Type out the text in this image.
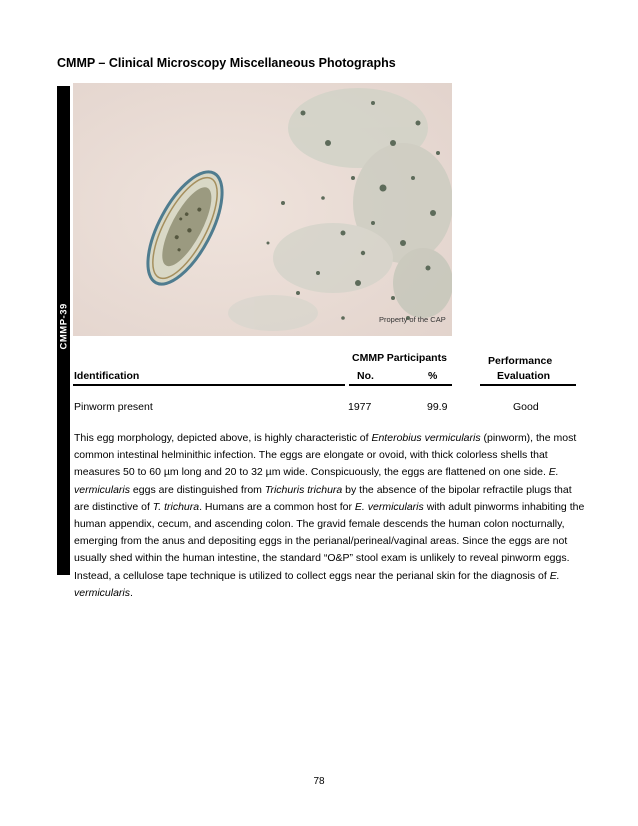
CMMP – Clinical Microscopy Miscellaneous Photographs
CMMP-39	Property of the CAP
CMMP Participants	Performance
Identification	No.	%	Evaluation
Pinworm present	1977	99.9	Good
This egg morphology, depicted above, is highly characteristic of Enterobius vermicularis (pinworm), the most common intestinal helminithic infection. The eggs are elongate or ovoid, with thick colorless shells that measures 50 to 60 µm long and 20 to 32 µm wide. Conspicuously, the eggs are flattened on one side. E. vermicularis eggs are distinguished from Trichuris trichura by the absence of the bipolar refractile plugs that are distinctive of T. trichura. Humans are a common host for E. vermicularis with adult pinworms inhabiting the human appendix, cecum, and ascending colon. The gravid female descends the human colon nocturnally, emerging from the anus and depositing eggs in the perianal/perineal/vaginal areas. Since the eggs are not usually shed within the human intestine, the standard “O&P” stool exam is unlikely to reveal pinworm eggs. Instead, a cellulose tape technique is utilized to collect eggs near the perianal skin for the diagnosis of E. vermicularis.
78
